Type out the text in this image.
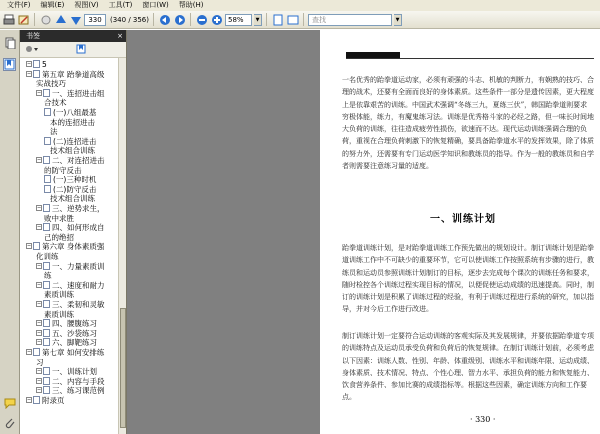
文件(F)	编辑(E)	视图(V)	工具(T)	窗口(W)	帮助(H)
330	(340 / 356)	58%	▼	查找	▼
书签	×
− 5
− 第五章 跆拳道高级
实战技巧
− 一、连招进击组
合技术
(一)八组最基
本的连招进击
法
(二)连招进击
技术组合训练
− 二、对连招进击
的防守反击
(一)三种时机
(二)防守反击
技术组合训练
− 三、逆势求生，
败中求胜
− 四、如何形成自
己的绝招
− 第六章 身体素质强
化训练
− 一、力量素质训
练
− 二、速度和耐力
素质训练
− 三、柔韧和灵敏
素质训练
− 四、腰腹练习
− 五、沙袋练习
− 六、脚靶练习
− 第七章 如何安排练
习
− 一、训练计划
− 二、内容与手段
− 三、练习课范例
− 附录页
一名优秀的跆拳道运动家，必须有顽强的斗志、机敏的判断力，有娴熟的技巧、合理的战术，还要有全面而良好的身体素质。这些条件一部分是遗传因素，更大程度上是依靠艰苦的训练。中国武术强调“冬练三九，夏练三伏”，韩国跆拳道则要求穷极体能，练力，有魔鬼练习法。训练是优秀格斗家的必经之路，但一味长时间地大负荷的训练，往往造成疲劳性损伤，欲速而不达。现代运动训练强调合理的负荷，重视在合理负荷刺激下的恢复精确，要具备跆拳道水平的发挥效果，除了体质的努力外，还需要有专门运动医学知识和教练员的指导。作为一般的教练员和自学者则需要注意练习量的适度。
一、训练计划
跆拳道训练计划，是对跆拳道训练工作预先做出的规划设计。制订训练计划是跆拳道训练工作中不可缺少的重要环节，它可以使训练工作按照系统有步骤的进行，教练员和运动员参照训练计划制订的目标，逐步去完成每个课次的训练任务和要求，随时检控各个训练过程实现目标的情况，以便促使运动成绩的迅速提高。同时，制订的训练计划是积累了训练过程的经验，有利于训练过程进行系统的研究，加以指导，并对今后工作进行改进。
制订训练计划一定要符合运动训练的客观实际及其发展规律，并要依据跆拳道专项的训练特点及运动员承受负荷和负荷后的恢复规律。在制订训练计划前，必须考虑以下因素：训练人数、性别、年龄、体重级别、训练水平和训练年限、运动成绩、身体素质、技术情况、特点、个性心理、智力水平、承担负荷的能力和恢复能力、饮食营养条件、参加比赛的成绩指标等。根据这些因素，确定训练方向和工作要点。
· 330 ·
